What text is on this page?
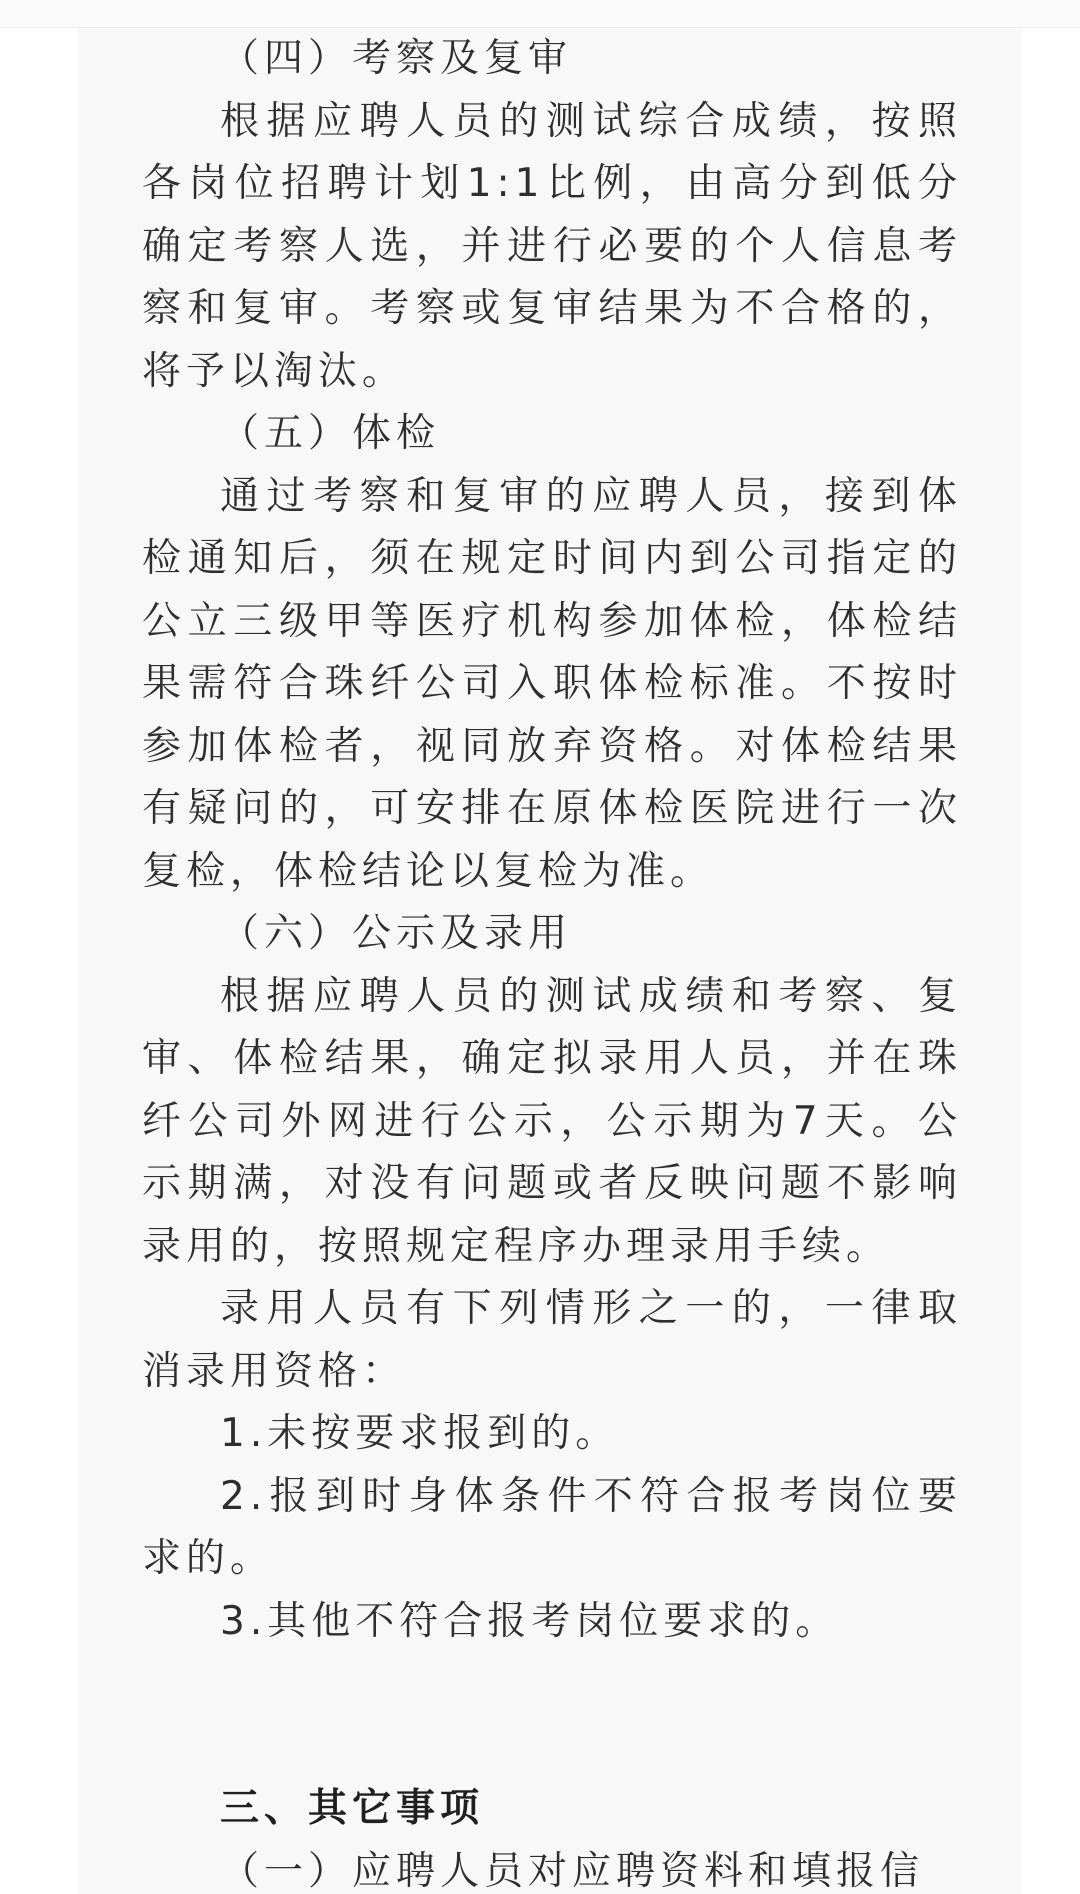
（四）考察及复审

根据应聘人员的测试综合成绩，按照各岗位招聘计划1:1比例，由高分到低分确定考察人选，并进行必要的个人信息考察和复审。考察或复审结果为不合格的，将予以淘汰。

（五）体检

通过考察和复审的应聘人员，接到体检通知后，须在规定时间内到公司指定的公立三级甲等医疗机构参加体检，体检结果需符合珠纤公司入职体检标准。不按时参加体检者，视同放弃资格。对体检结果有疑问的，可安排在原体检医院进行一次复检，体检结论以复检为准。

（六）公示及录用

根据应聘人员的测试成绩和考察、复审、体检结果，确定拟录用人员，并在珠纤公司外网进行公示，公示期为7天。公示期满，对没有问题或者反映问题不影响录用的，按照规定程序办理录用手续。

录用人员有下列情形之一的，一律取消录用资格：

1.未按要求报到的。

2.报到时身体条件不符合报考岗位要求的。

3.其他不符合报考岗位要求的。

三、其它事项

（一）应聘人员对应聘资料和填报信
